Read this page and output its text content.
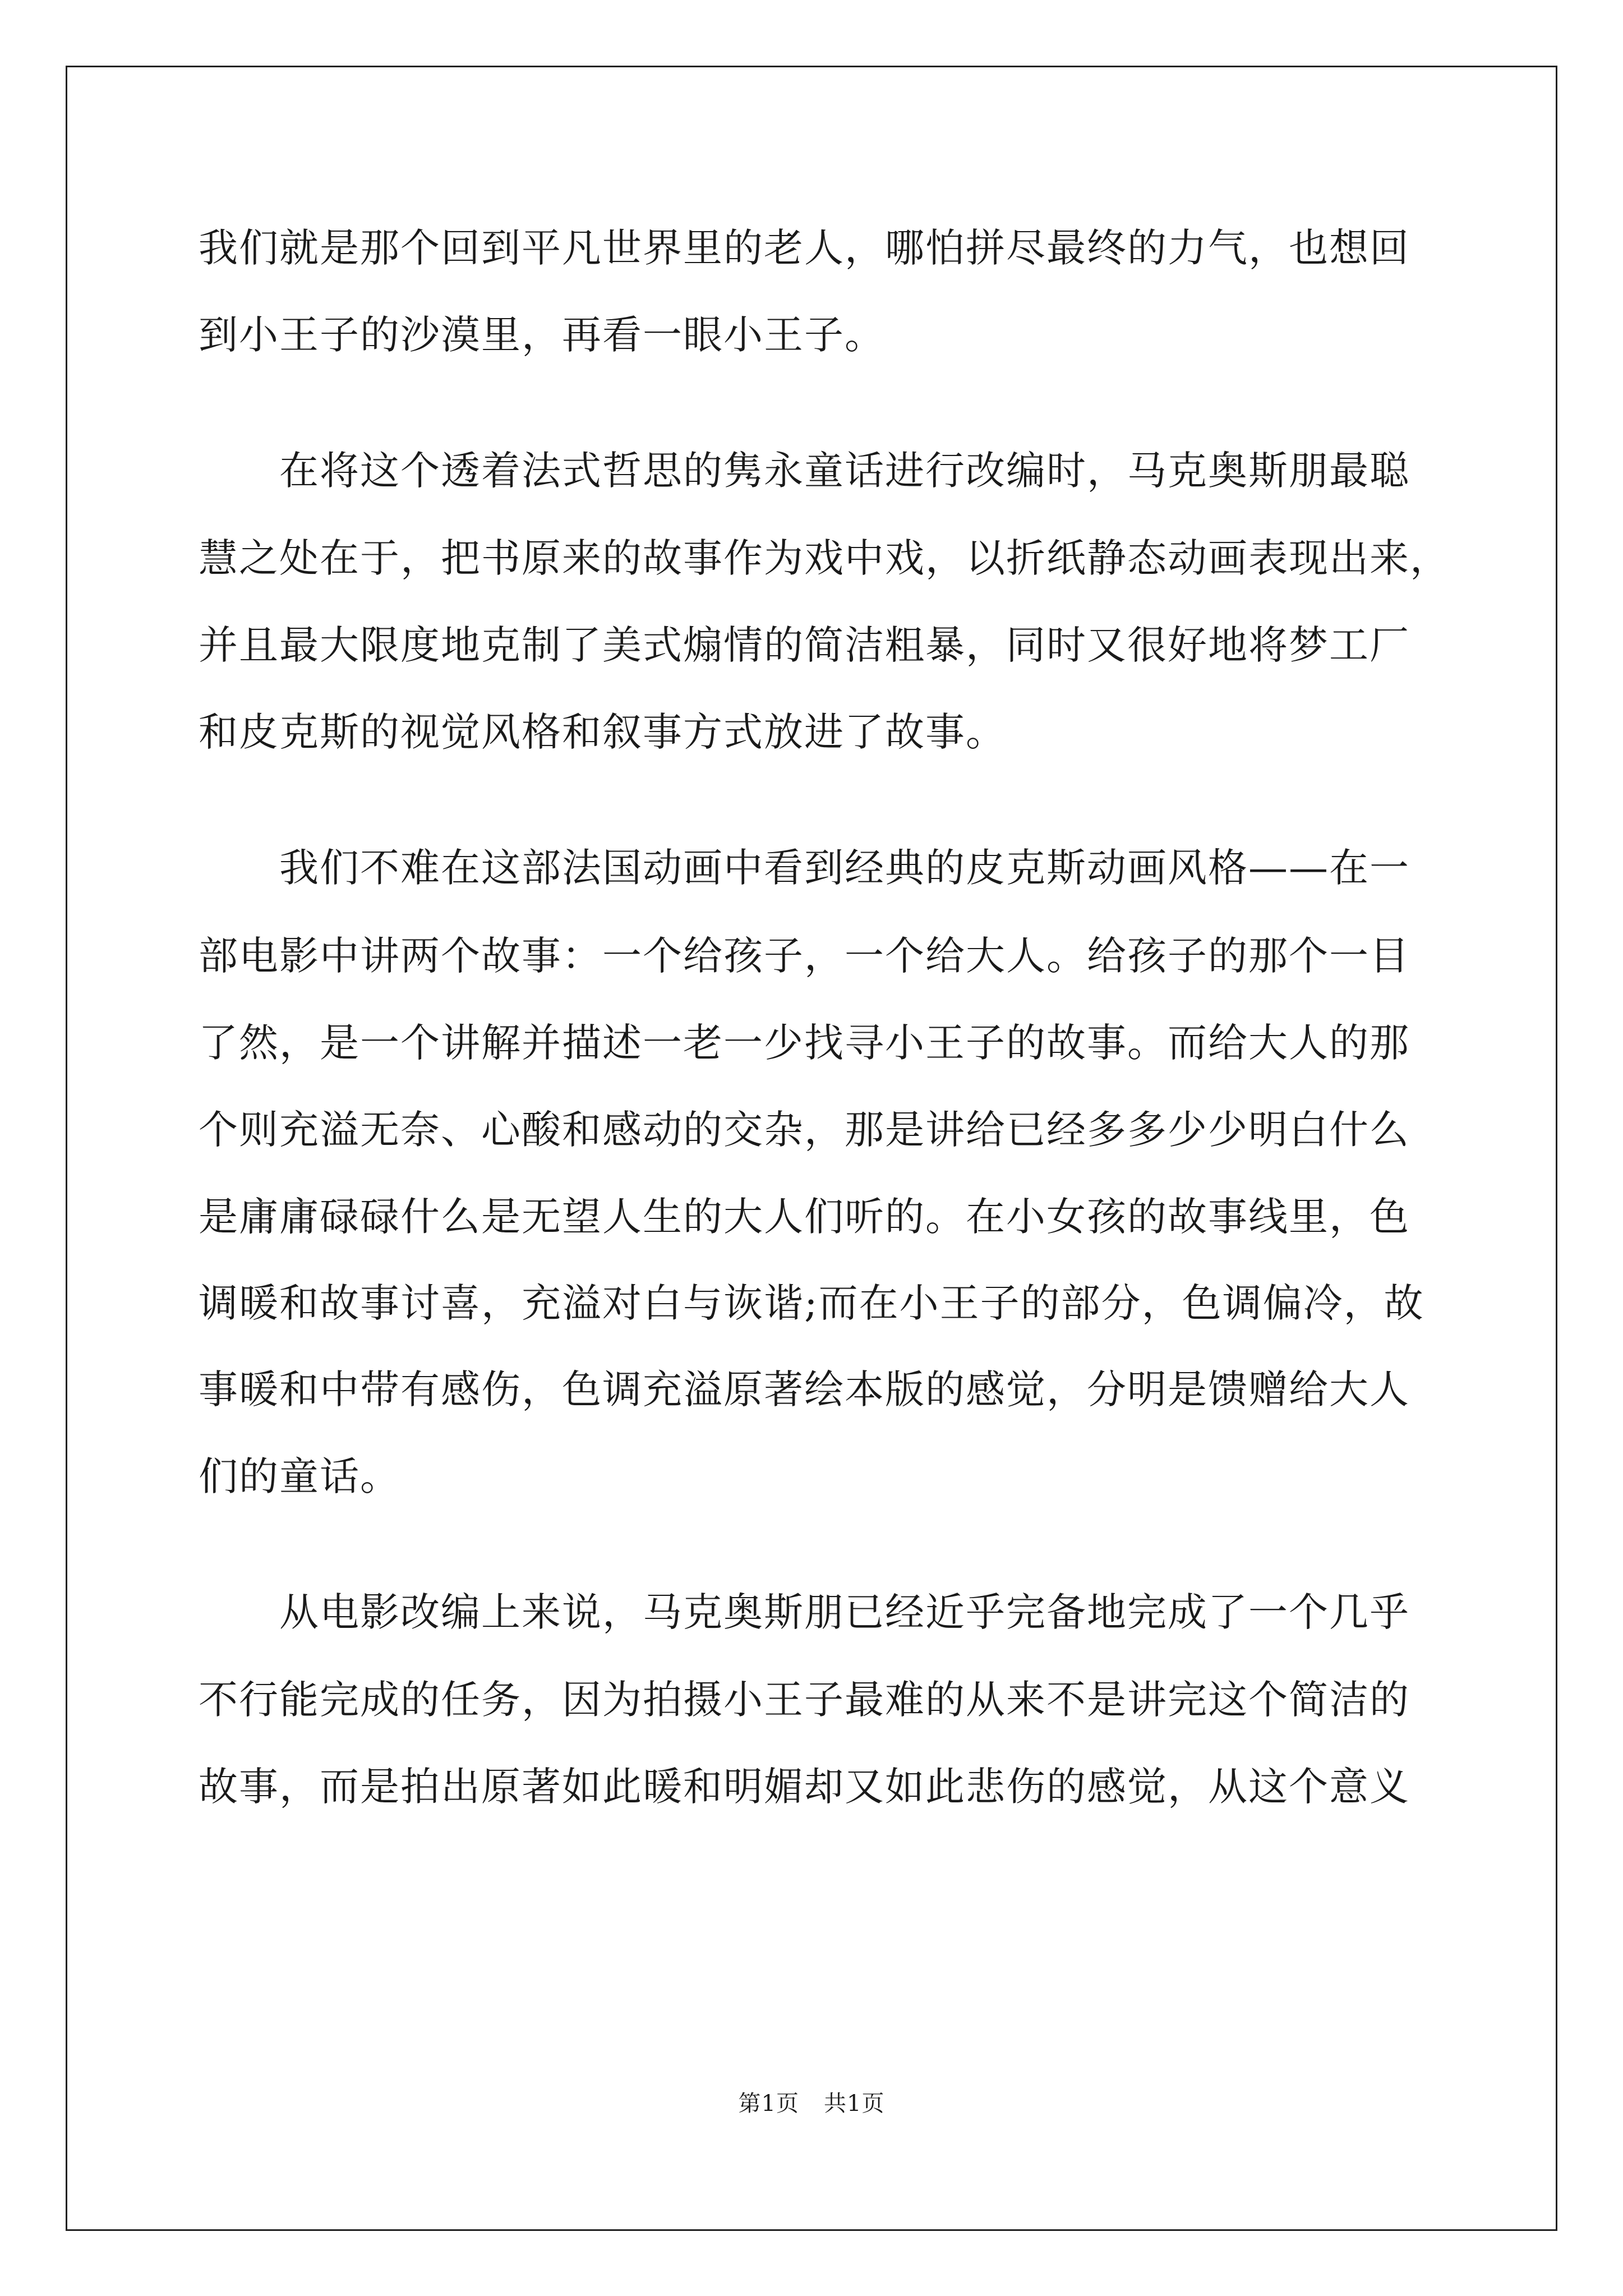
我们就是那个回到平凡世界里的老人，哪怕拼尽最终的力气，也想回

到小王子的沙漠里，再看一眼小王子。

在将这个透着法式哲思的隽永童话进行改编时，马克奥斯朋最聪

慧之处在于，把书原来的故事作为戏中戏，以折纸静态动画表现出来，

并且最大限度地克制了美式煽情的简洁粗暴，同时又很好地将梦工厂

和皮克斯的视觉风格和叙事方式放进了故事。

我们不难在这部法国动画中看到经典的皮克斯动画风格——在一

部电影中讲两个故事：一个给孩子，一个给大人。给孩子的那个一目

了然，是一个讲解并描述一老一少找寻小王子的故事。而给大人的那

个则充溢无奈、心酸和感动的交杂，那是讲给已经多多少少明白什么

是庸庸碌碌什么是无望人生的大人们听的。在小女孩的故事线里，色

调暖和故事讨喜，充溢对白与诙谐;而在小王子的部分，色调偏冷，故

事暖和中带有感伤，色调充溢原著绘本版的感觉，分明是馈赠给大人

们的童话。

从电影改编上来说，马克奥斯朋已经近乎完备地完成了一个几乎

不行能完成的任务，因为拍摄小王子最难的从来不是讲完这个简洁的

故事，而是拍出原著如此暖和明媚却又如此悲伤的感觉，从这个意义

第1页 共1页
